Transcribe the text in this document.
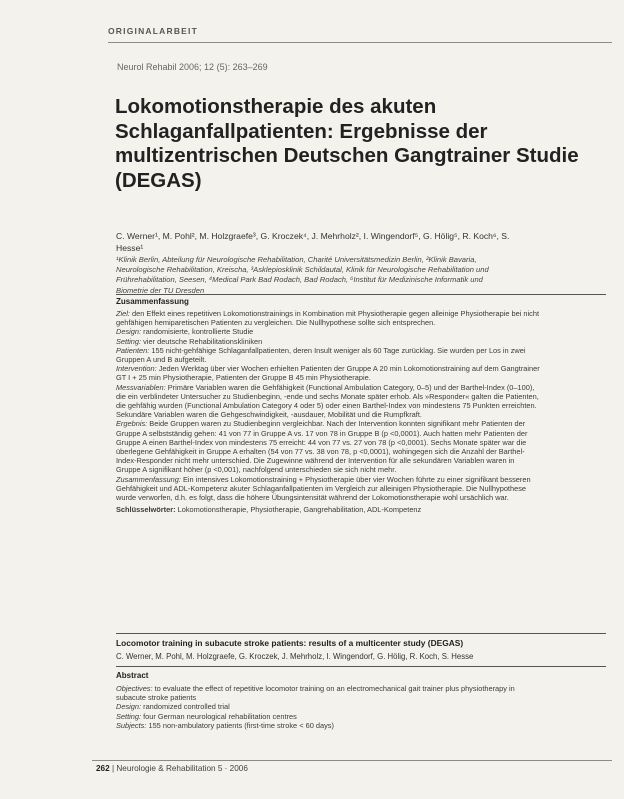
ORIGINALARBEIT
Neurol Rehabil 2006; 12 (5): 263–269
Lokomotionstherapie des akuten Schlaganfallpatienten: Ergebnisse der multizentrischen Deutschen Gangtrainer Studie (DEGAS)
C. Werner¹, M. Pohl², M. Holzgraefe³, G. Kroczek⁴, J. Mehrholz², I. Wingendorf⁵, G. Hölig⁵, R. Koch⁶, S. Hesse¹
¹Klinik Berlin, Abteilung für Neurologische Rehabilitation, Charité Universitätsmedizin Berlin, ²Klinik Bavaria, Neurologische Rehabilitation, Kreischa, ³Asklepiosklinik Schildautal, Klinik für Neurologische Rehabilitation und Frührehabilitation, Seesen, ⁴Medical Park Bad Rodach, Bad Rodach, ⁶Institut für Medizinische Informatik und Biometrie der TU Dresden
Zusammenfassung

Ziel: den Effekt eines repetitiven Lokomotionstrainings in Kombination mit Physiotherapie gegen alleinige Physiotherapie bei nicht gehfähigen hemiparetischen Patienten zu vergleichen. Die Nullhypothese sollte sich entsprechen.

Design: randomisierte, kontrollierte Studie

Setting: vier deutsche Rehabilitationskliniken

Patienten: 155 nicht-gehfähige Schlaganfallpatienten, deren Insult weniger als 60 Tage zurücklag. Sie wurden per Los in zwei Gruppen A und B aufgeteilt.

Intervention: Jeden Werktag über vier Wochen erhielten Patienten der Gruppe A 20 min Lokomotionstraining auf dem Gangtrainer GT I + 25 min Physiotherapie, Patienten der Gruppe B 45 min Physiotherapie.

Messvariablen: Primäre Variablen waren die Gehfähigkeit (Functional Ambulation Category, 0–5) und der Barthel-Index (0–100), die ein verblindeter Untersucher zu Studienbeginn, -ende und sechs Monate später erhob. Als »Responder« galten die Patienten, die gehfähig wurden (Functional Ambulation Category 4 oder 5) oder einen Barthel-Index von mindestens 75 Punkten erreichten. Sekundäre Variablen waren die Gehgeschwindigkeit, -ausdauer, Mobilität und die Rumpfkraft.

Ergebnis: Beide Gruppen waren zu Studienbeginn vergleichbar. Nach der Intervention konnten signifikant mehr Patienten der Gruppe A selbstständig gehen: 41 von 77 in Gruppe A vs. 17 von 78 in Gruppe B (p <0,0001). Auch hatten mehr Patienten der Gruppe A einen Barthel-Index von mindestens 75 erreicht: 44 von 77 vs. 27 von 78 (p <0,0001). Sechs Monate später war die überlegene Gehfähigkeit in Gruppe A erhalten (54 von 77 vs. 38 von 78, p <0,0001), wohingegen sich die Anzahl der Barthel-Index-Responder nicht mehr unterschied. Die Zugewinne während der Intervention für alle sekundären Variablen waren in Gruppe A signifikant höher (p <0,001), nachfolgend unterschieden sie sich nicht mehr.

Zusammenfassung: Ein intensives Lokomotionstraining + Physiotherapie über vier Wochen führte zu einer signifikant besseren Gehfähigkeit und ADL-Kompetenz akuter Schlaganfallpatienten im Vergleich zur alleinigen Physiotherapie. Die Nullhypothese wurde verworfen, d.h. es folgt, dass die höhere Übungsintensität während der Lokomotionstherapie wohl ursächlich war.

Schlüsselwörter: Lokomotionstherapie, Physiotherapie, Gangrehabilitation, ADL-Kompetenz

Locomotor training in subacute stroke patients: results of a multicenter study (DEGAS)
C. Werner, M. Pohl, M. Holzgraefe, G. Kroczek, J. Mehrholz, I. Wingendorf, G. Hölig, R. Koch, S. Hesse
Abstract

Objectives: to evaluate the effect of repetitive locomotor training on an electromechanical gait trainer plus physiotherapy in subacute stroke patients

Design: randomized controlled trial

Setting: four German neurological rehabilitation centres

Subjects: 155 non-ambulatory patients (first-time stroke < 60 days)

262 | Neurologie & Rehabilitation 5 · 2006
